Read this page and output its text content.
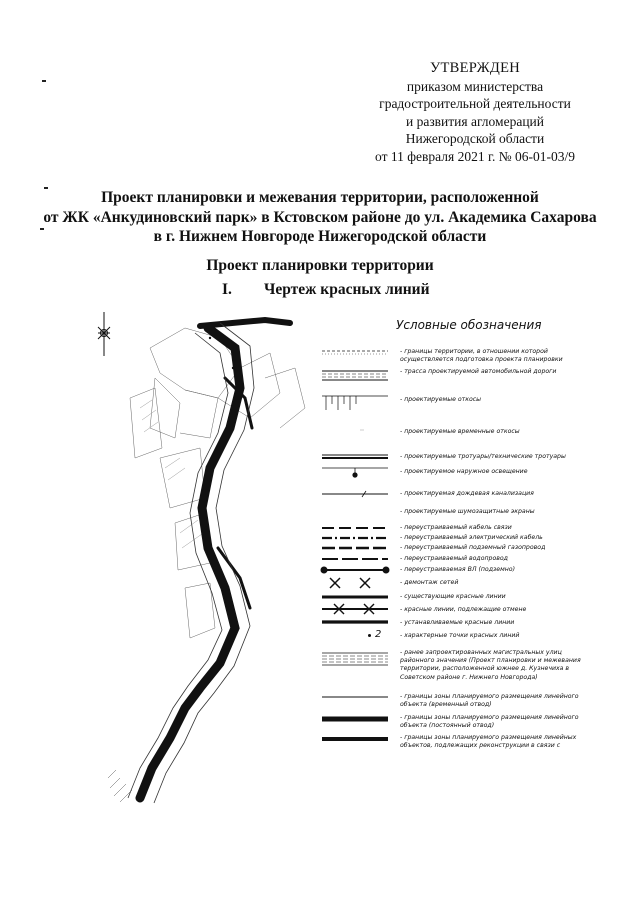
УТВЕРЖДЕН
приказом министерства
градостроительной деятельности
и развития агломераций
Нижегородской области
от 11 февраля 2021 г. № 06-01-03/9
Проект планировки и межевания территории, расположенной
от ЖК «Анкудиновский парк» в Кстовском районе до ул. Академика Сахарова
в г. Нижнем Новгороде Нижегородской области
Проект планировки территории
I. Чертеж красных линий
Условные обозначения
- границы территории, в отношении которой
осуществляется подготовка проекта планировки
- трасса проектируемой автомобильной дороги
- проектируемые откосы
- проектируемые временные откосы
- проектируемые тротуары/технические тротуары
- проектируемое наружное освещение
- проектируемая дождевая канализация
- проектируемые шумозащитные экраны
- переустраиваемый кабель связи
- переустраиваемый электрический кабель
- переустраиваемый подземный газопровод
- переустраиваемый водопровод
- переустраиваемая ВЛ (подземно)
- демонтаж сетей
- существующие красные линии
- красные линии, подлежащие отмене
- устанавливаемые красные линии
2	- характерные точки красных линий
- ранее запроектированных магистральных улиц
районного значения (Проект планировки и межевания
территории, расположенной южнее д. Кузнечиха в
Советском районе г. Нижнего Новгорода)
- границы зоны планируемого размещения линейного
объекта (временный отвод)
- границы зоны планируемого размещения линейного
объекта (постоянный отвод)
- границы зоны планируемого размещения линейных
объектов, подлежащих реконструкции в связи с
